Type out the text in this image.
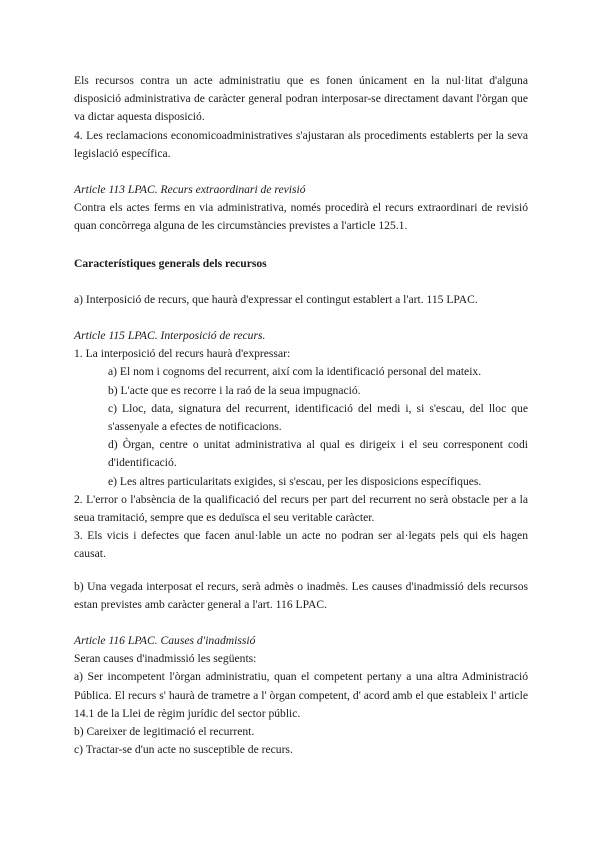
Els recursos contra un acte administratiu que es fonen únicament en la nul·litat d'alguna disposició administrativa de caràcter general podran interposar-se directament davant l'òrgan que va dictar aquesta disposició.

4. Les reclamacions economicoadministratives s'ajustaran als procediments establerts per la seva legislació específica.

Article 113 LPAC. Recurs extraordinari de revisió

Contra els actes ferms en via administrativa, només procedirà el recurs extraordinari de revisió quan concòrrega alguna de les circumstàncies previstes a l'article 125.1.

Característiques generals dels recursos

a) Interposició de recurs, que haurà d'expressar el contingut establert a l'art. 115 LPAC.

Article 115 LPAC. Interposició de recurs.

1. La interposició del recurs haurà d'expressar:

a) El nom i cognoms del recurrent, així com la identificació personal del mateix.

b) L'acte que es recorre i la raó de la seua impugnació.

c) Lloc, data, signatura del recurrent, identificació del medi i, si s'escau, del lloc que s'assenyale a efectes de notificacions.

d) Òrgan, centre o unitat administrativa al qual es dirigeix i el seu corresponent codi d'identificació.

e) Les altres particularitats exigides, si s'escau, per les disposicions específiques.

2. L'error o l'absència de la qualificació del recurs per part del recurrent no serà obstacle per a la seua tramitació, sempre que es deduïsca el seu veritable caràcter.

3. Els vicis i defectes que facen anul·lable un acte no podran ser al·legats pels qui els hagen causat.

b) Una vegada interposat el recurs, serà admès o inadmès. Les causes d'inadmissió dels recursos estan previstes amb caràcter general a l'art. 116 LPAC.

Article 116 LPAC. Causes d'inadmissió

Seran causes d'inadmissió les següents:

a) Ser incompetent l'òrgan administratiu, quan el competent pertany a una altra Administració Pública. El recurs s' haurà de trametre a l' òrgan competent, d' acord amb el que estableix l' article 14.1 de la Llei de règim jurídic del sector públic.

b) Careixer de legitimació el recurrent.

c) Tractar-se d'un acte no susceptible de recurs.
